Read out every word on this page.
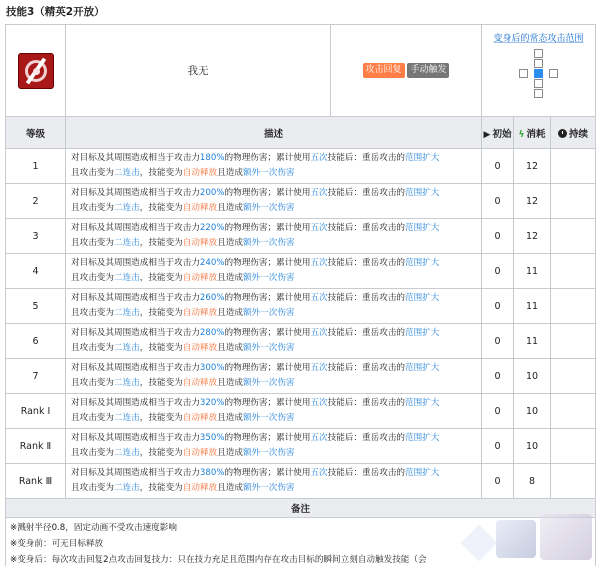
技能3（精英2开放）
	我无	攻击回复 手动触发	变身后的常态攻击范围		

等级	描述		▶ 初始	ϟ 消耗	持续
1	对目标及其周围造成相当于攻击力180%的物理伤害；累计使用五次技能后：重岳攻击的范围扩大
且攻击变为二连击，技能变为自动释放且造成额外一次伤害		0	12	
2	对目标及其周围造成相当于攻击力200%的物理伤害；累计使用五次技能后：重岳攻击的范围扩大
且攻击变为二连击，技能变为自动释放且造成额外一次伤害		0	12	
3	对目标及其周围造成相当于攻击力220%的物理伤害；累计使用五次技能后：重岳攻击的范围扩大
且攻击变为二连击，技能变为自动释放且造成额外一次伤害		0	12	
4	对目标及其周围造成相当于攻击力240%的物理伤害；累计使用五次技能后：重岳攻击的范围扩大
且攻击变为二连击，技能变为自动释放且造成额外一次伤害		0	11	
5	对目标及其周围造成相当于攻击力260%的物理伤害；累计使用五次技能后：重岳攻击的范围扩大
且攻击变为二连击，技能变为自动释放且造成额外一次伤害		0	11	
6	对目标及其周围造成相当于攻击力280%的物理伤害；累计使用五次技能后：重岳攻击的范围扩大
且攻击变为二连击，技能变为自动释放且造成额外一次伤害		0	11	
7	对目标及其周围造成相当于攻击力300%的物理伤害；累计使用五次技能后：重岳攻击的范围扩大
且攻击变为二连击，技能变为自动释放且造成额外一次伤害		0	10	
Rank Ⅰ	对目标及其周围造成相当于攻击力320%的物理伤害；累计使用五次技能后：重岳攻击的范围扩大
且攻击变为二连击，技能变为自动释放且造成额外一次伤害		0	10	
Rank Ⅱ	对目标及其周围造成相当于攻击力350%的物理伤害；累计使用五次技能后：重岳攻击的范围扩大
且攻击变为二连击，技能变为自动释放且造成额外一次伤害		0	10	
Rank Ⅲ	对目标及其周围造成相当于攻击力380%的物理伤害；累计使用五次技能后：重岳攻击的范围扩大
且攻击变为二连击，技能变为自动释放且造成额外一次伤害		0	8	
备注					

※溅射半径0.8，固定动画不受攻击速度影响
※变身前：可无目标释放
※变身后：每次攻击回复2点攻击回复技力：只在技力充足且范围内存在攻击目标的瞬间立刻自动触发技能（会					
